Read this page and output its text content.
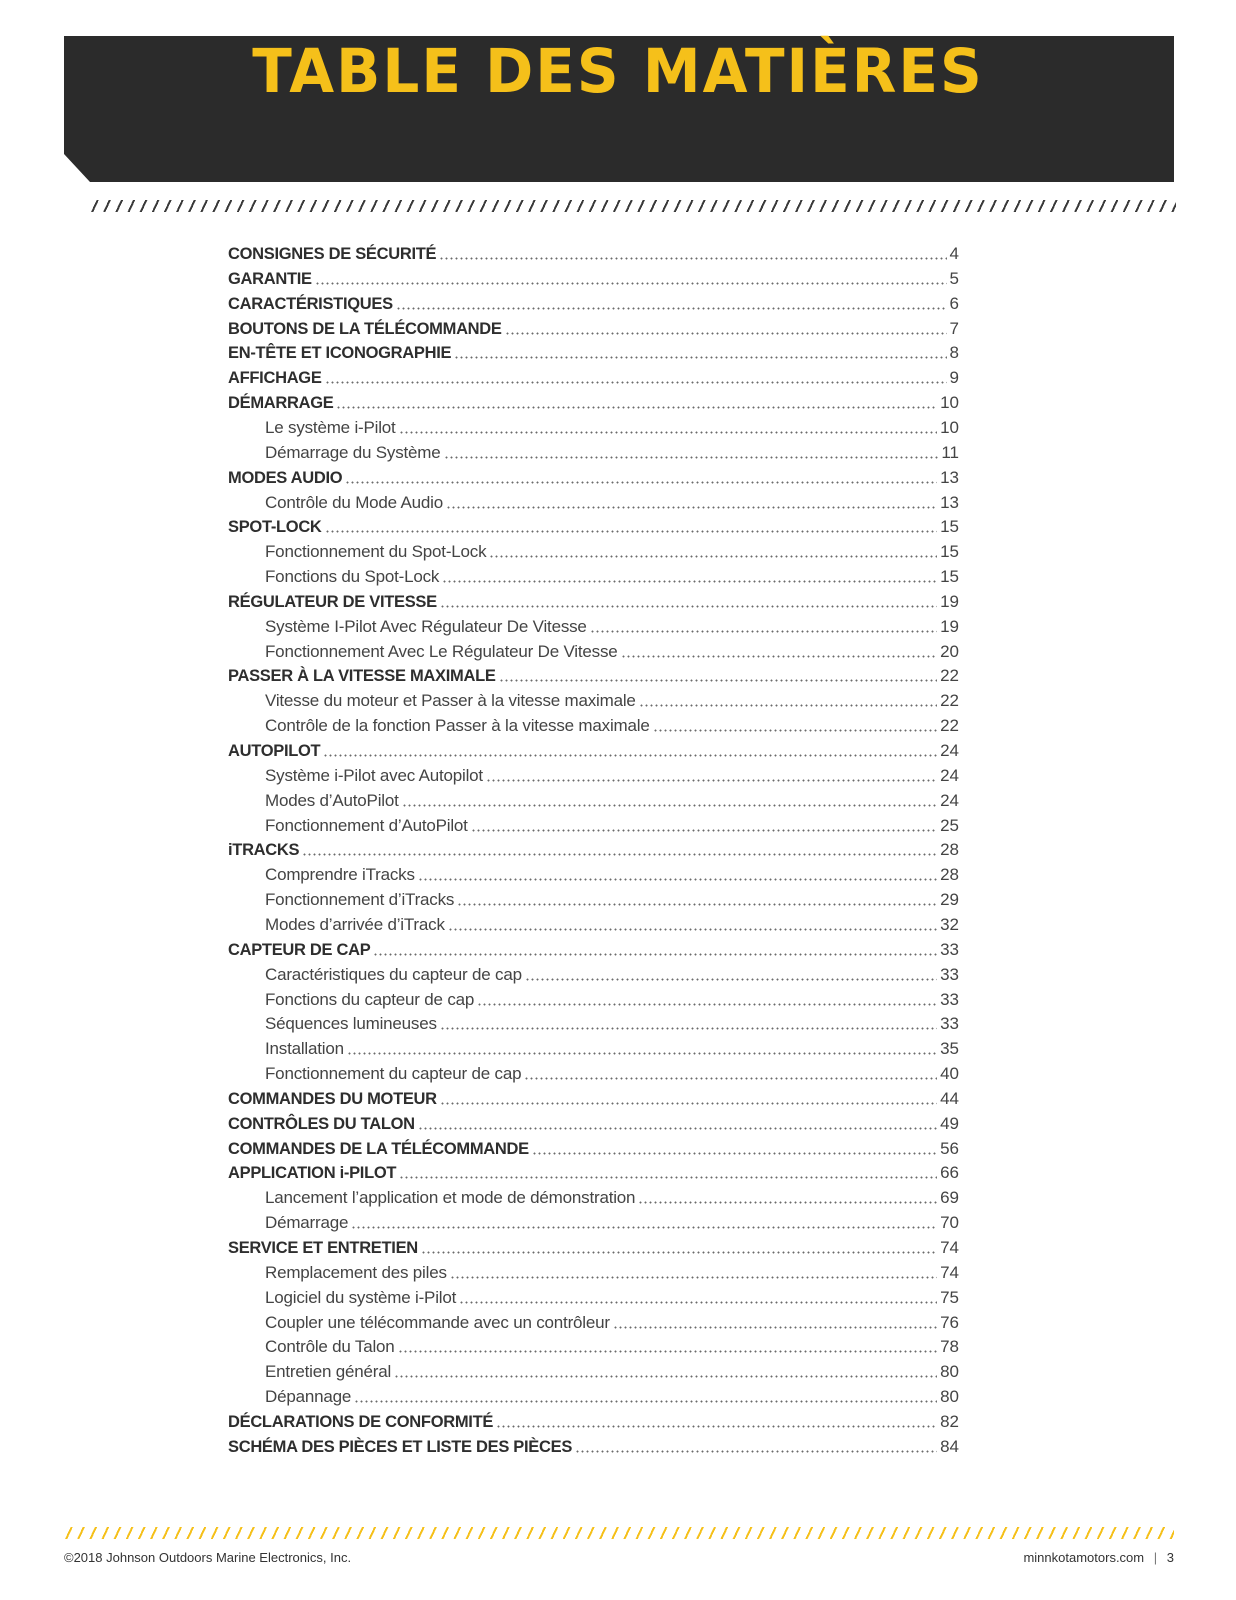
TABLE DES MATIÈRES
CONSIGNES DE SÉCURITÉ	4
GARANTIE	5
CARACTÉRISTIQUES	6
BOUTONS DE LA TÉLÉCOMMANDE	7
EN-TÊTE ET ICONOGRAPHIE	8
AFFICHAGE	9
DÉMARRAGE	10
Le système i-Pilot	10
Démarrage du Système	11
MODES AUDIO	13
Contrôle du Mode Audio	13
SPOT-LOCK	15
Fonctionnement du Spot-Lock	15
Fonctions du Spot-Lock	15
RÉGULATEUR DE VITESSE	19
Système I-Pilot Avec Régulateur De Vitesse	19
Fonctionnement Avec Le Régulateur De Vitesse	20
PASSER À LA VITESSE MAXIMALE	22
Vitesse du moteur et Passer à la vitesse maximale	22
Contrôle de la fonction Passer à la vitesse maximale	22
AUTOPILOT	24
Système i-Pilot avec Autopilot	24
Modes d’AutoPilot	24
Fonctionnement d’AutoPilot	25
iTRACKS	28
Comprendre iTracks	28
Fonctionnement d’iTracks	29
Modes d’arrivée d’iTrack	32
CAPTEUR DE CAP	33
Caractéristiques du capteur de cap	33
Fonctions du capteur de cap	33
Séquences lumineuses	33
Installation	35
Fonctionnement du capteur de cap	40
COMMANDES DU MOTEUR	44
CONTRÔLES DU TALON	49
COMMANDES DE LA TÉLÉCOMMANDE	56
APPLICATION i-PILOT	66
Lancement l’application et mode de démonstration	69
Démarrage	70
SERVICE ET ENTRETIEN	74
Remplacement des piles	74
Logiciel du système i-Pilot	75
Coupler une télécommande avec un contrôleur	76
Contrôle du Talon	78
Entretien général	80
Dépannage	80
DÉCLARATIONS DE CONFORMITÉ	82
SCHÉMA DES PIÈCES ET LISTE DES PIÈCES	84
©2018 Johnson Outdoors Marine Electronics, Inc.	minnkotamotors.com | 3
